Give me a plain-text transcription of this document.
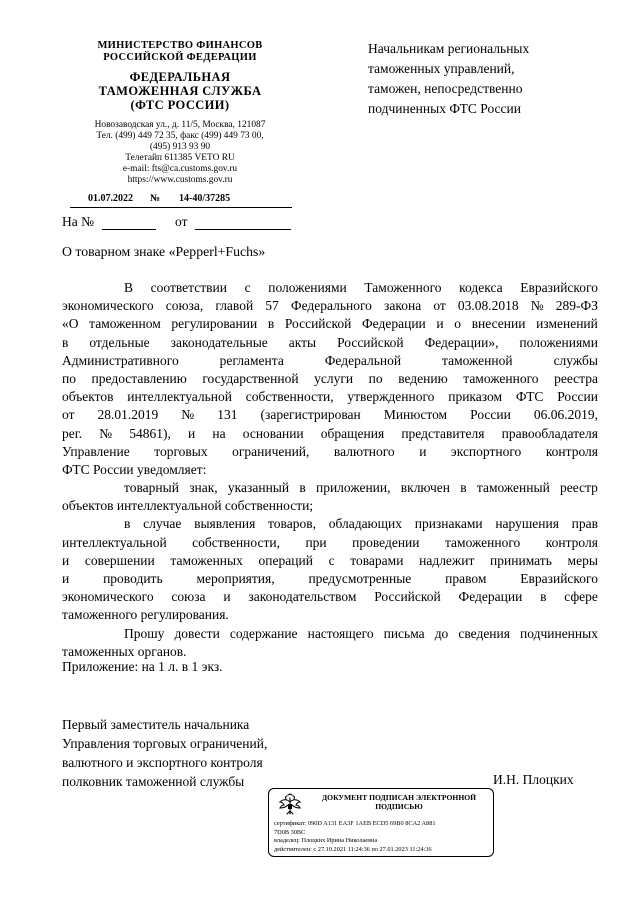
МИНИСТЕРСТВО ФИНАНСОВ
РОССИЙСКОЙ ФЕДЕРАЦИИ
ФЕДЕРАЛЬНАЯ
ТАМОЖЕННАЯ СЛУЖБА
(ФТС РОССИИ)
Новозаводская ул., д. 11/5, Москва, 121087
Тел. (499) 449 72 35, факс (499) 449 73 00,
(495) 913 93 90
Телетайп 611385 VETO RU
e-mail: fts@ca.customs.gov.ru
https://www.customs.gov.ru
01.07.2022 № 14-40/37285
На №	от
Начальникам региональных
таможенных управлений,
таможен, непосредственно
подчиненных ФТС России
О товарном знаке «Pepperl+Fuchs»
В соответствии с положениями Таможенного кодекса Евразийского
экономического союза, главой 57 Федерального закона от 03.08.2018 № 289-ФЗ
«О таможенном регулировании в Российской Федерации и о внесении изменений
в отдельные законодательные акты Российской Федерации», положениями
Административного	регламента	Федеральной	таможенной	службы
по предоставлению государственной услуги по ведению таможенного реестра
объектов интеллектуальной собственности, утвержденного приказом ФТС России
от 28.01.2019 № 131 (зарегистрирован Минюстом России 06.06.2019,
рег. № 54861), и на основании обращения представителя правообладателя
Управление торговых ограничений, валютного и экспортного контроля
ФТС России уведомляет:
товарный знак, указанный в приложении, включен в таможенный реестр
объектов интеллектуальной собственности;
в случае выявления товаров, обладающих признаками нарушения прав
интеллектуальной собственности, при проведении таможенного контроля
и совершении таможенных операций с товарами надлежит принимать меры
и	проводить	мероприятия,	предусмотренные	правом	Евразийского
экономического союза и законодательством Российской Федерации в сфере
таможенного регулирования.
Прошу довести содержание настоящего письма до сведения подчиненных
таможенных органов.
Приложение: на 1 л. в 1 экз.
Первый заместитель начальника
Управления торговых ограничений,
валютного и экспортного контроля
полковник таможенной службы	И.Н. Плоцких
ДОКУМЕНТ ПОДПИСАН ЭЛЕКТРОННОЙ
ПОДПИСЬЮ
сертификат: 090D A131 EA3F 1AEB ECD5 69B0 8CA2 A881
7D0B 30BC
владелец: Плоцких Ирина Николаевна
действителен: с 27.10.2021 11:24:36 по 27.01.2023 11:24:36
